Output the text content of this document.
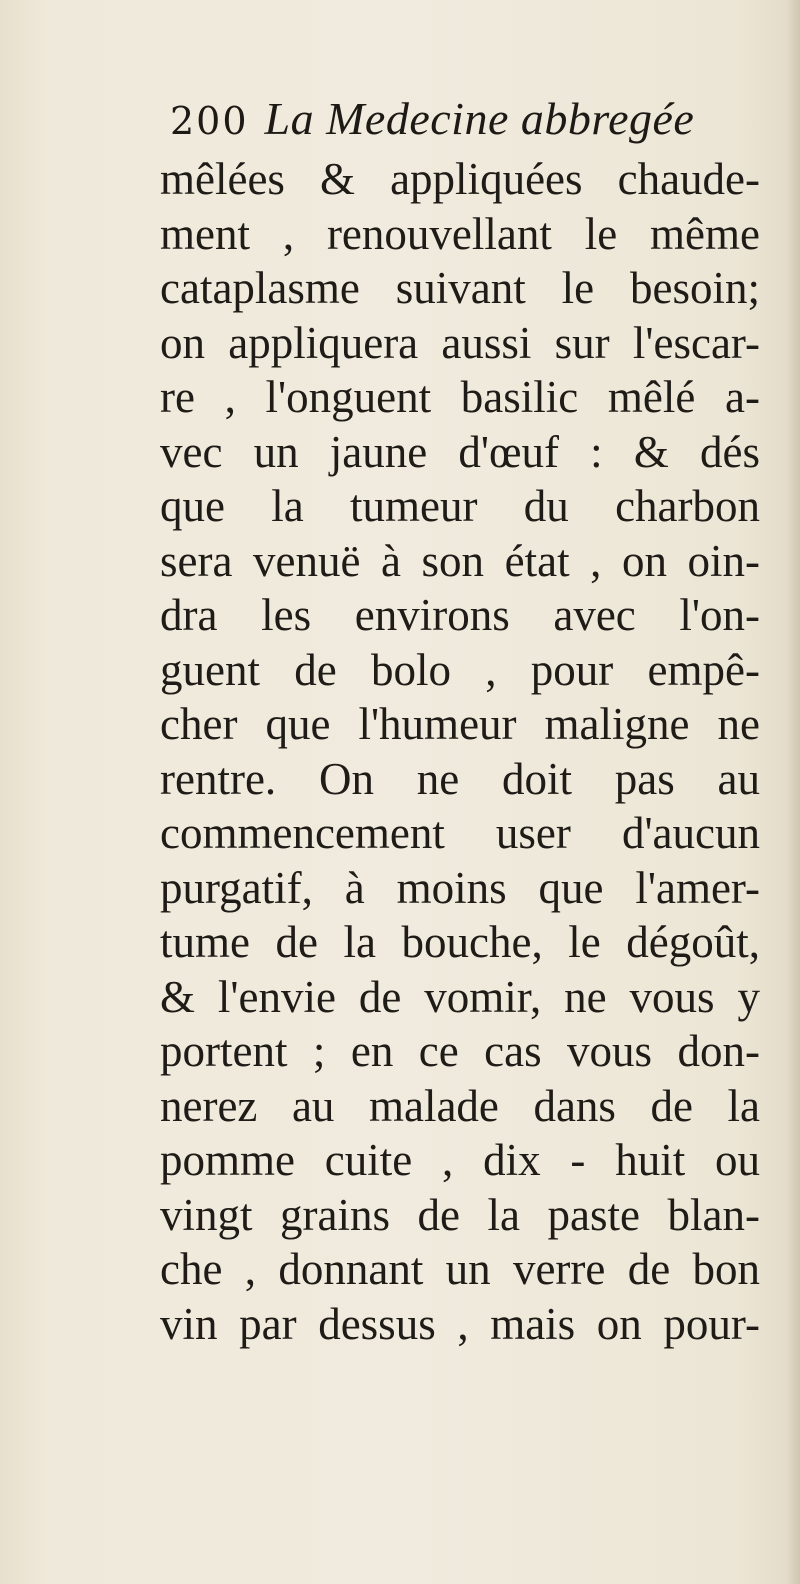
200 La Medecine abbregée
mêlées & appliquées chaude-
ment , renouvellant le même
cataplasme suivant le besoin;
on appliquera aussi sur l'escar-
re , l'onguent basilic mêlé a-
vec un jaune d'œuf : & dés
que la tumeur du charbon
sera venuë à son état , on oin-
dra les environs avec l'on-
guent de bolo , pour empê-
cher que l'humeur maligne ne
rentre. On ne doit pas au
commencement user d'aucun
purgatif, à moins que l'amer-
tume de la bouche, le dégoût,
& l'envie de vomir, ne vous y
portent ; en ce cas vous don-
nerez au malade dans de la
pomme cuite , dix - huit ou
vingt grains de la paste blan-
che , donnant un verre de bon
vin par dessus , mais on pour-
